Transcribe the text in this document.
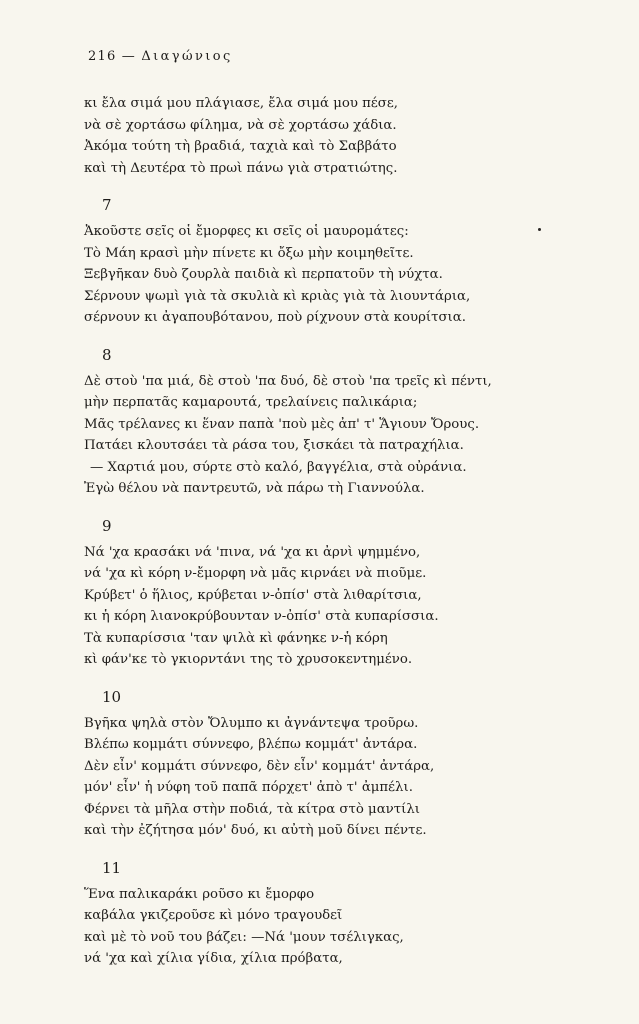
216 — Διαγώνιος
κι ἔλα σιμά μου πλάγιασε, ἔλα σιμά μου πέσε,
νὰ σὲ χορτάσω φίλημα, νὰ σὲ χορτάσω χάδια.
Ἀκόμα τούτη τὴ βραδιά, ταχιὰ καὶ τὸ Σαββάτο
καὶ τὴ Δευτέρα τὸ πρωὶ πάνω γιὰ στρατιώτης.
7
Ἀκοῦστε σεῖς οἱ ἔμορφες κι σεῖς οἱ μαυρομάτες:
Τὸ Μάη κρασὶ μὴν πίνετε κι ὄξω μὴν κοιμηθεῖτε.
Ξεβγῆκαν δυὸ ζουρλὰ παιδιὰ κὶ περπατοῦν τὴ νύχτα.
Σέρνουν ψωμὶ γιὰ τὰ σκυλιὰ κὶ κριὰς γιὰ τὰ λιουντάρια,
σέρνουν κι ἀγαπουβότανου, ποὺ ρίχνουν στὰ κουρίτσια.
8
Δὲ στοὺ 'πα μιά, δὲ στοὺ 'πα δυό, δὲ στοὺ 'πα τρεῖς κὶ πέντι,
μὴν περπατᾶς καμαρουτά, τρελαίνεις παλικάρια;
Μᾶς τρέλανες κι ἕναν παπὰ 'ποὺ μὲς ἀπ' τ' Ἅγιουν Ὄρους.
Πατάει κλουτσάει τὰ ράσα του, ξισκάει τὰ πατραχήλια.
— Χαρτιά μου, σύρτε στὸ καλό, βαγγέλια, στὰ οὐράνια.
Ἐγὼ θέλου νὰ παντρευτῶ, νὰ πάρω τὴ Γιαννούλα.
9
Νά 'χα κρασάκι νά 'πινα, νά 'χα κι ἀρνὶ ψημμένο,
νά 'χα κὶ κόρη ν-ἔμορφη νὰ μᾶς κιρνάει νὰ πιοῦμε.
Κρύβετ' ὁ ἥλιος, κρύβεται ν-ὀπίσ' στὰ λιθαρίτσια,
κι ἡ κόρη λιανοκρύβουνταν ν-ὀπίσ' στὰ κυπαρίσσια.
Τὰ κυπαρίσσια 'ταν ψιλὰ κὶ φάνηκε ν-ἡ κόρη
κὶ φάν'κε τὸ γκιορντάνι της τὸ χρυσοκεντημένο.
10
Βγῆκα ψηλὰ στὸν Ὄλυμπο κι ἀγνάντεψα τροῦρω.
Βλέπω κομμάτι σύννεφο, βλέπω κομμάτ' ἀντάρα.
Δὲν εἶν' κομμάτι σύννεφο, δὲν εἶν' κομμάτ' ἀντάρα,
μόν' εἶν' ἡ νύφη τοῦ παπᾶ πόρχετ' ἀπὸ τ' ἀμπέλι.
Φέρνει τὰ μῆλα στὴν ποδιά, τὰ κίτρα στὸ μαντίλι
καὶ τὴν ἐζήτησα μόν' δυό, κι αὐτὴ μοῦ δίνει πέντε.
11
Ἕνα παλικαράκι ροῦσο κι ἔμορφο
καβάλα γκιζεροῦσε κὶ μόνο τραγουδεῖ
καὶ μὲ τὸ νοῦ του βάζει: —Νά 'μουν τσέλιγκας,
νά 'χα καὶ χίλια γίδια, χίλια πρόβατα,
